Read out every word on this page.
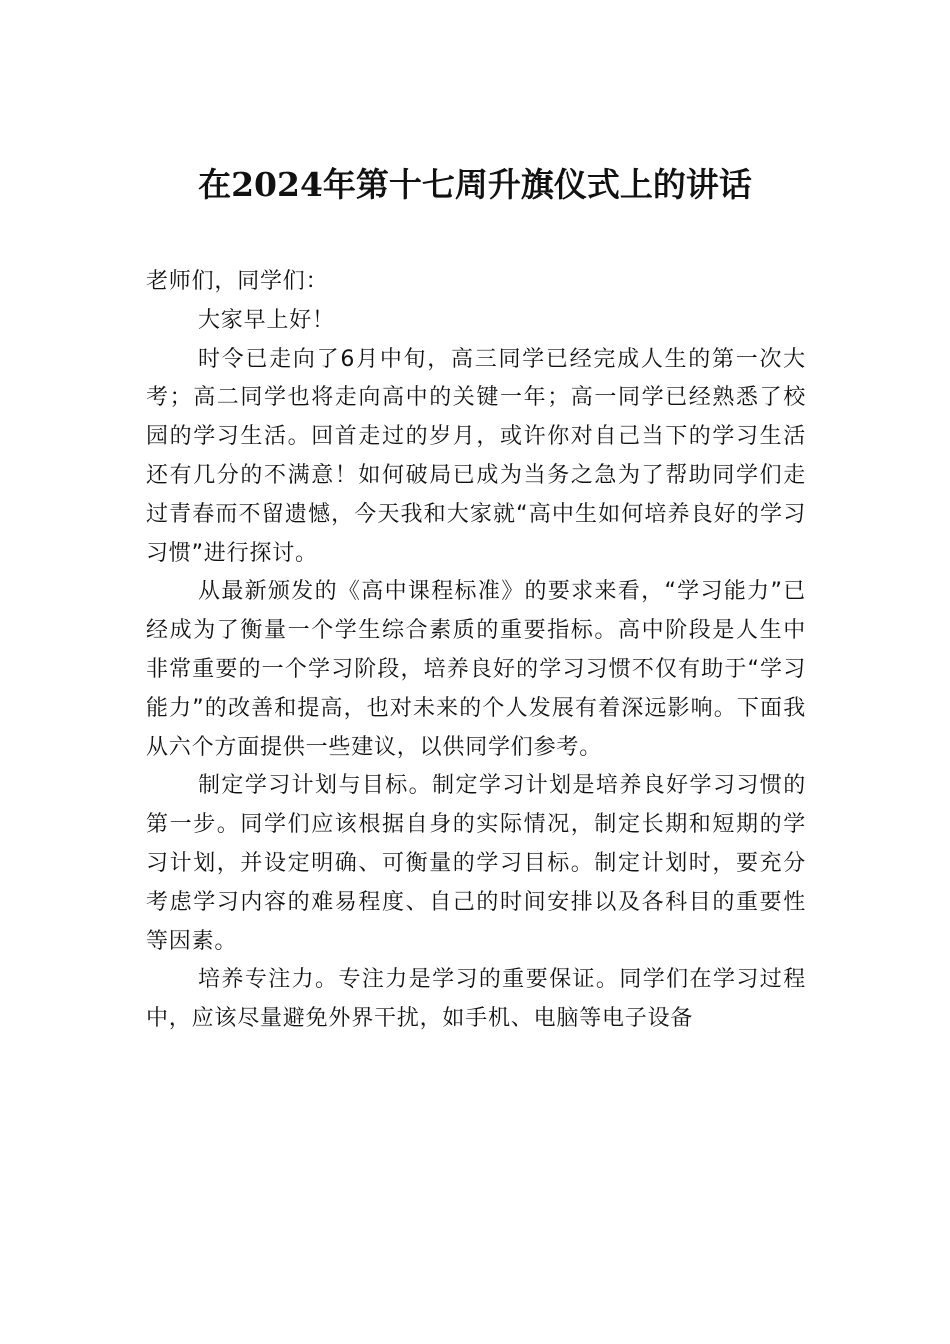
在2024年第十七周升旗仪式上的讲话

老师们，同学们：

大家早上好！

时令已走向了6月中旬，高三同学已经完成人生的第一次大考；高二同学也将走向高中的关键一年；高一同学已经熟悉了校园的学习生活。回首走过的岁月，或许你对自己当下的学习生活还有几分的不满意！如何破局已成为当务之急为了帮助同学们走过青春而不留遗憾，今天我和大家就“高中生如何培养良好的学习习惯”进行探讨。

从最新颁发的《高中课程标准》的要求来看，“学习能力”已经成为了衡量一个学生综合素质的重要指标。高中阶段是人生中非常重要的一个学习阶段，培养良好的学习习惯不仅有助于“学习能力”的改善和提高，也对未来的个人发展有着深远影响。下面我从六个方面提供一些建议，以供同学们参考。

制定学习计划与目标。制定学习计划是培养良好学习习惯的第一步。同学们应该根据自身的实际情况，制定长期和短期的学习计划，并设定明确、可衡量的学习目标。制定计划时，要充分考虑学习内容的难易程度、自己的时间安排以及各科目的重要性等因素。

培养专注力。专注力是学习的重要保证。同学们在学习过程中，应该尽量避免外界干扰，如手机、电脑等电子设备
